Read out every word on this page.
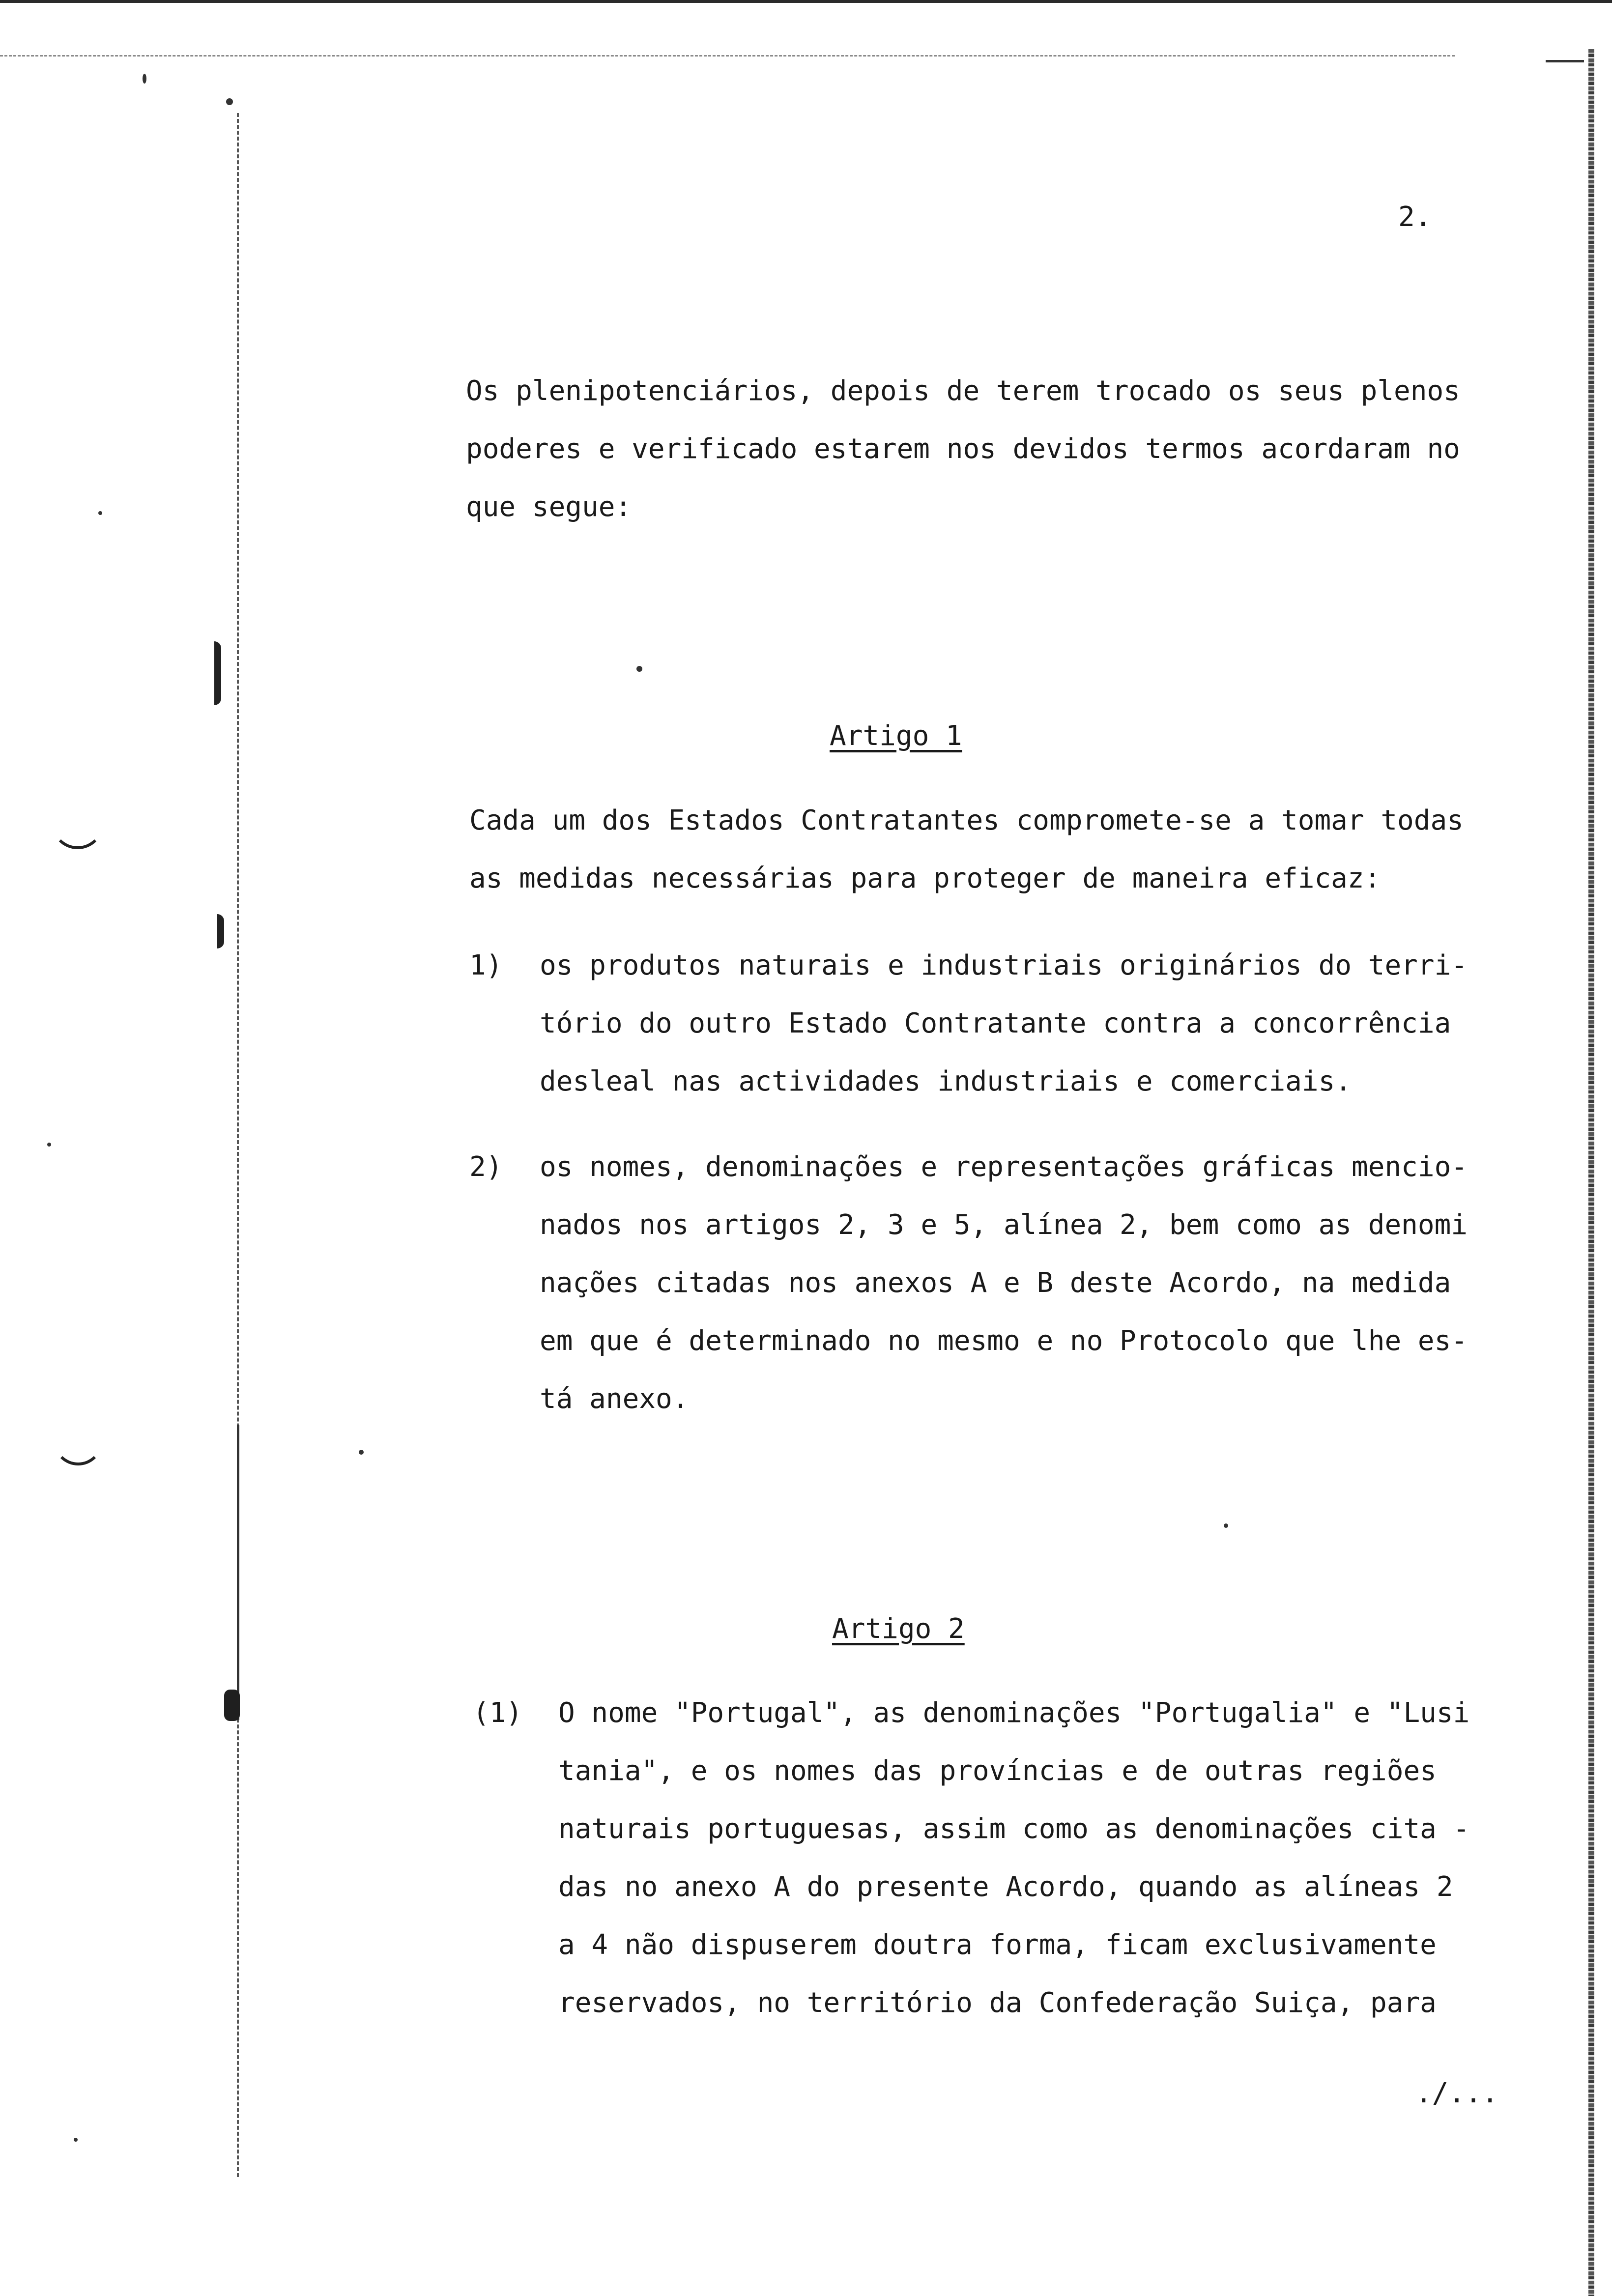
2.

Os plenipotenciários, depois de terem trocado os seus plenos
poderes e verificado estarem nos devidos termos acordaram no
que segue:

Artigo 1

Cada um dos Estados Contratantes compromete-se a tomar todas
as medidas necessárias para proteger de maneira eficaz:

1) os produtos naturais e industriais originários do terri-
tório do outro Estado Contratante contra a concorrência
desleal nas actividades industriais e comerciais.

2) os nomes, denominações e representações gráficas mencio-
nados nos artigos 2, 3 e 5, alínea 2, bem como as denomi
nações citadas nos anexos A e B deste Acordo, na medida
em que é determinado no mesmo e no Protocolo que lhe es-
tá anexo.

Artigo 2
(1) O nome "Portugal", as denominações "Portugalia" e "Lusi
tania", e os nomes das províncias e de outras regiões
naturais portuguesas, assim como as denominações cita -
das no anexo A do presente Acordo, quando as alíneas 2
a 4 não dispuserem doutra forma, ficam exclusivamente
reservados, no território da Confederação Suiça, para

./...
